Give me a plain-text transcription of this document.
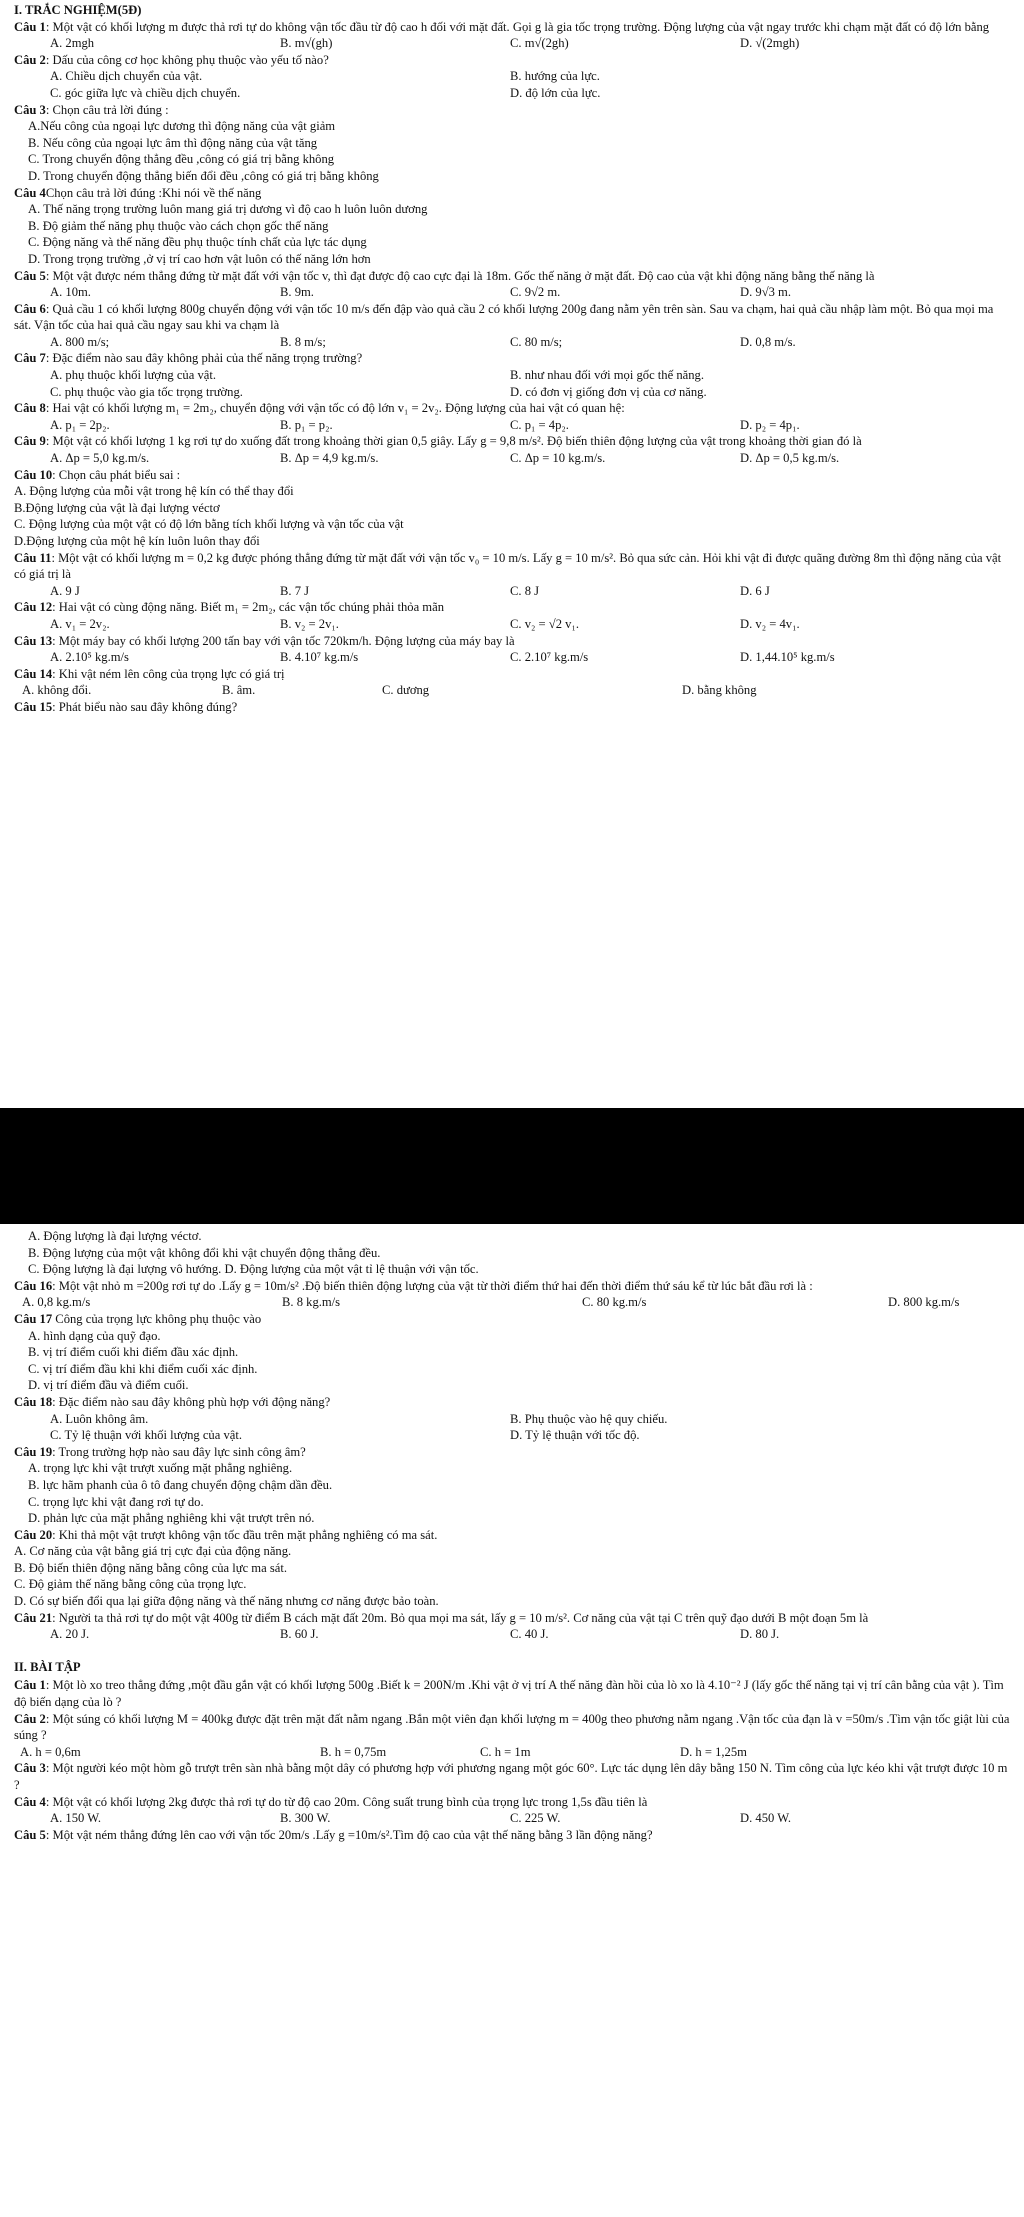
I. TRẮC NGHIỆM(5Đ)
Câu 1: Một vật có khối lượng m được thả rơi tự do không vận tốc đầu từ độ cao h đối với mặt đất. Gọi g là gia tốc trọng trường. Động lượng của vật ngay trước khi chạm mặt đất có độ lớn bằng
A. 2mgh	B. m√(gh)	C. m√(2gh)	D. √(2mgh)
Câu 2: Dấu của công cơ học không phụ thuộc vào yếu tố nào?
A. Chiều dịch chuyển của vật.	B. hướng của lực.
C. góc giữa lực và chiều dịch chuyển.	D. độ lớn của lực.
Câu 3: Chọn câu trả lời đúng :
A.Nếu công của ngoại lực dương thì động năng của vật giảm
B. Nếu công của ngoại lực âm thì động năng của vật tăng
C. Trong chuyển động thẳng đều ,công có giá trị bằng không
D. Trong chuyển động thẳng biến đổi đều ,công có giá trị bằng không
Câu 4Chọn câu trả lời đúng :Khi nói về thế năng
A. Thế năng trọng trường luôn mang giá trị dương vì độ cao h luôn luôn dương
B. Độ giảm thế năng phụ thuộc vào cách chọn gốc thế năng
C. Động năng và thế năng đều phụ thuộc tính chất của lực tác dụng
D. Trong trọng trường ,ở vị trí cao hơn vật luôn có thế năng lớn hơn
Câu 5: Một vật được ném thẳng đứng từ mặt đất với vận tốc v, thì đạt được độ cao cực đại là 18m. Gốc thế năng ở mặt đất. Độ cao của vật khi động năng bằng thế năng là
A. 10m.	B. 9m.	C. 9√2 m.	D. 9√3 m.
Câu 6: Quả cầu 1 có khối lượng 800g chuyển động với vận tốc 10 m/s đến đập vào quả cầu 2 có khối lượng 200g đang nằm yên trên sàn. Sau va chạm, hai quả cầu nhập làm một. Bỏ qua mọi ma sát. Vận tốc của hai quả cầu ngay sau khi va chạm là
A. 800 m/s;	B. 8 m/s;	C. 80 m/s;	D. 0,8 m/s.
Câu 7: Đặc điểm nào sau đây không phải của thế năng trọng trường?
A. phụ thuộc khối lượng của vật.	B. như nhau đối với mọi gốc thế năng.
C. phụ thuộc vào gia tốc trọng trường.	D. có đơn vị giống đơn vị của cơ năng.
Câu 8: Hai vật có khối lượng m₁ = 2m₂, chuyển động với vận tốc có độ lớn v₁ = 2v₂. Động lượng của hai vật có quan hệ:
A. p₁ = 2p₂.	B. p₁ = p₂.	C. p₁ = 4p₂.	D. p₂ = 4p₁.
Câu 9: Một vật có khối lượng 1 kg rơi tự do xuống đất trong khoảng thời gian 0,5 giây. Lấy g = 9,8 m/s². Độ biến thiên động lượng của vật trong khoảng thời gian đó là
A. Δp = 5,0 kg.m/s.	B. Δp = 4,9 kg.m/s.	C. Δp = 10 kg.m/s.	D. Δp = 0,5 kg.m/s.
Câu 10: Chọn câu phát biểu sai :
A. Động lượng của mỗi vật trong hệ kín có thể thay đổi
B.Động lượng của vật là đại lượng véctơ
C. Động lượng của một vật có độ lớn bằng tích khối lượng và vận tốc của vật
D.Động lượng của một hệ kín luôn luôn thay đổi
Câu 11: Một vật có khối lượng m = 0,2 kg được phóng thẳng đứng từ mặt đất với vận tốc v₀ = 10 m/s. Lấy g = 10 m/s². Bỏ qua sức cản. Hỏi khi vật đi được quãng đường 8m thì động năng của vật có giá trị là
A. 9 J	B. 7 J	C. 8 J	D. 6 J
Câu 12: Hai vật có cùng động năng. Biết m₁ = 2m₂, các vận tốc chúng phải thỏa mãn
A. v₁ = 2v₂.	B. v₂ = 2v₁.	C. v₂ = √2 v₁.	D. v₂ = 4v₁.
Câu 13: Một máy bay có khối lượng 200 tấn bay với vận tốc 720km/h. Động lượng của máy bay là
A. 2.10⁵ kg.m/s	B. 4.10⁷ kg.m/s	C. 2.10⁷ kg.m/s	D. 1,44.10⁵ kg.m/s
Câu 14: Khi vật ném lên công của trọng lực có giá trị
A. không đổi.	B. âm.	C. dương	D. bằng không
Câu 15: Phát biểu nào sau đây không đúng?
A. Động lượng là đại lượng véctơ.
B. Động lượng của một vật không đổi khi vật chuyển động thẳng đều.
C. Động lượng là đại lượng vô hướng. D. Động lượng của một vật tỉ lệ thuận với vận tốc.
Câu 16: Một vật nhỏ m =200g rơi tự do .Lấy g = 10m/s² .Độ biến thiên động lượng của vật từ thời điểm thứ hai đến thời điểm thứ sáu kể từ lúc bắt đầu rơi là :
A. 0,8 kg.m/s	B. 8 kg.m/s	C. 80 kg.m/s	D. 800 kg.m/s
Câu 17 Công của trọng lực không phụ thuộc vào
A. hình dạng của quỹ đạo.
B. vị trí điểm cuối khi điểm đầu xác định.
C. vị trí điểm đầu khi khi điểm cuối xác định.
D. vị trí điểm đầu và điểm cuối.
Câu 18: Đặc điểm nào sau đây không phù hợp với động năng?
A. Luôn không âm.	B. Phụ thuộc vào hệ quy chiếu.
C. Tỷ lệ thuận với khối lượng của vật.	D. Tỷ lệ thuận với tốc độ.
Câu 19: Trong trường hợp nào sau đây lực sinh công âm?
A. trọng lực khi vật trượt xuống mặt phẳng nghiêng.
B. lực hãm phanh của ô tô đang chuyển động chậm dần đều.
C. trọng lực khi vật đang rơi tự do.
D. phản lực của mặt phẳng nghiêng khi vật trượt trên nó.
Câu 20: Khi thả một vật trượt không vận tốc đầu trên mặt phẳng nghiêng có ma sát.
A. Cơ năng của vật bằng giá trị cực đại của động năng.
B. Độ biến thiên động năng bằng công của lực ma sát.
C. Độ giảm thế năng bằng công của trọng lực.
D. Có sự biến đổi qua lại giữa động năng và thế năng nhưng cơ năng được bảo toàn.
Câu 21: Người ta thả rơi tự do một vật 400g từ điểm B cách mặt đất 20m. Bỏ qua mọi ma sát, lấy g = 10 m/s². Cơ năng của vật tại C trên quỹ đạo dưới B một đoạn 5m là
A. 20 J.	B. 60 J.	C. 40 J.	D. 80 J.
II. BÀI TẬP
Câu 1: Một lò xo treo thẳng đứng ,một đầu gắn vật có khối lượng 500g .Biết k = 200N/m .Khi vật ở vị trí A thế năng đàn hồi của lò xo là 4.10⁻² J (lấy gốc thế năng tại vị trí cân bằng của vật ). Tìm độ biến dạng của lò ?
Câu 2: Một súng có khối lượng M = 400kg được đặt trên mặt đất nằm ngang .Bắn một viên đạn khối lượng m = 400g theo phương nằm ngang .Vận tốc của đạn là v =50m/s .Tìm vận tốc giật lùi của súng ?
A. h = 0,6m	B. h = 0,75m	C. h = 1m	D. h = 1,25m
Câu 3: Một người kéo một hòm gỗ trượt trên sàn nhà bằng một dây có phương hợp với phương ngang một góc 60°. Lực tác dụng lên dây bằng 150 N. Tìm công của lực kéo khi vật trượt được 10 m ?
Câu 4: Một vật có khối lượng 2kg được thả rơi tự do từ độ cao 20m. Công suất trung bình của trọng lực trong 1,5s đầu tiên là
A. 150 W.	B. 300 W.	C. 225 W.	D. 450 W.
Câu 5: Một vật ném thẳng đứng lên cao với vận tốc 20m/s .Lấy g =10m/s².Tìm độ cao của vật thế năng bằng 3 lần động năng?
